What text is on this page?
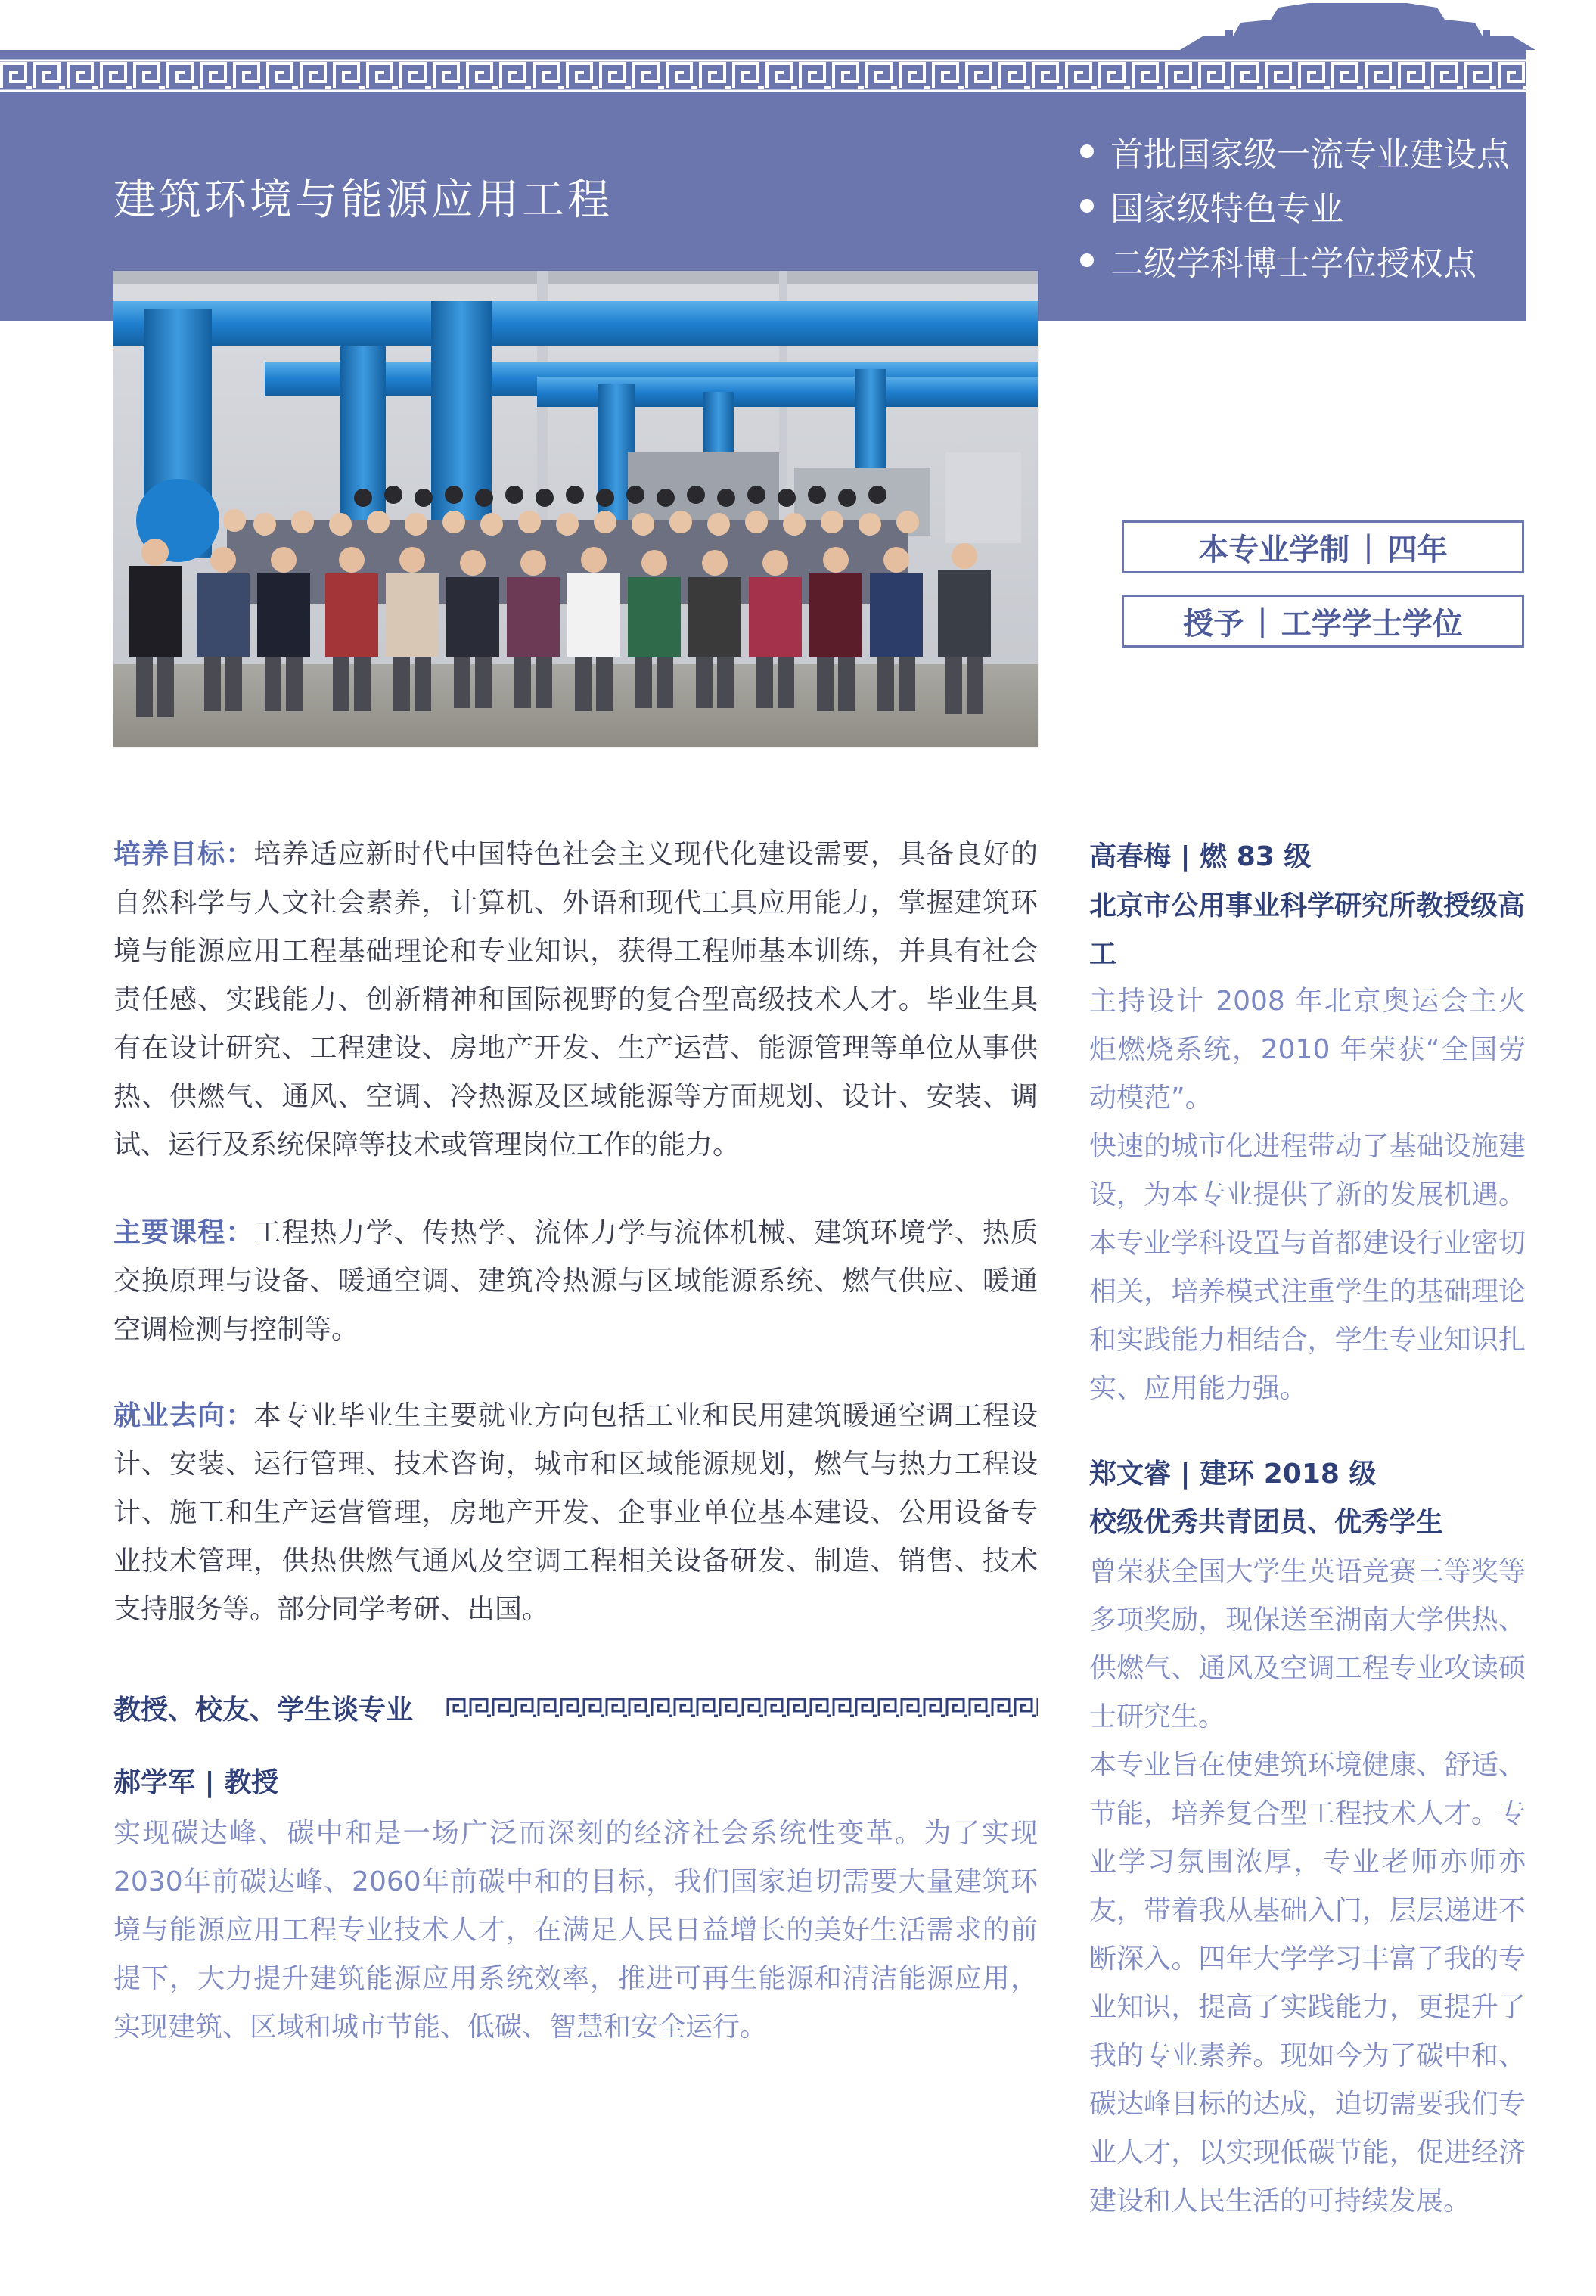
建筑环境与能源应用工程
首批国家级一流专业建设点
国家级特色专业
二级学科博士学位授权点
本专业学制 | 四年
授予 | 工学学士学位

培养目标：培养适应新时代中国特色社会主义现代化建设需要，具备良好的自然科学与人文社会素养，计算机、外语和现代工具应用能力，掌握建筑环境与能源应用工程基础理论和专业知识，获得工程师基本训练，并具有社会责任感、实践能力、创新精神和国际视野的复合型高级技术人才。毕业生具有在设计研究、工程建设、房地产开发、生产运营、能源管理等单位从事供热、供燃气、通风、空调、冷热源及区域能源等方面规划、设计、安装、调试、运行及系统保障等技术或管理岗位工作的能力。

主要课程：工程热力学、传热学、流体力学与流体机械、建筑环境学、热质交换原理与设备、暖通空调、建筑冷热源与区域能源系统、燃气供应、暖通空调检测与控制等。

就业去向：本专业毕业生主要就业方向包括工业和民用建筑暖通空调工程设计、安装、运行管理、技术咨询，城市和区域能源规划，燃气与热力工程设计、施工和生产运营管理，房地产开发、企事业单位基本建设、公用设备专业技术管理，供热供燃气通风及空调工程相关设备研发、制造、销售、技术支持服务等。部分同学考研、出国。

教授、校友、学生谈专业
郝学军 | 教授

实现碳达峰、碳中和是一场广泛而深刻的经济社会系统性变革。为了实现2030年前碳达峰、2060年前碳中和的目标，我们国家迫切需要大量建筑环境与能源应用工程专业技术人才，在满足人民日益增长的美好生活需求的前提下，大力提升建筑能源应用系统效率，推进可再生能源和清洁能源应用，实现建筑、区域和城市节能、低碳、智慧和安全运行。

高春梅 | 燃 83 级

北京市公用事业科学研究所教授级高工

主持设计 2008 年北京奥运会主火炬燃烧系统，2010 年荣获“全国劳动模范”。

快速的城市化进程带动了基础设施建设，为本专业提供了新的发展机遇。本专业学科设置与首都建设行业密切相关，培养模式注重学生的基础理论和实践能力相结合，学生专业知识扎实、应用能力强。

郑文睿 | 建环 2018 级
校级优秀共青团员、优秀学生

曾荣获全国大学生英语竞赛三等奖等多项奖励，现保送至湖南大学供热、供燃气、通风及空调工程专业攻读硕士研究生。

本专业旨在使建筑环境健康、舒适、节能，培养复合型工程技术人才。专业学习氛围浓厚，专业老师亦师亦友，带着我从基础入门，层层递进不断深入。四年大学学习丰富了我的专业知识，提高了实践能力，更提升了我的专业素养。现如今为了碳中和、碳达峰目标的达成，迫切需要我们专业人才，以实现低碳节能，促进经济建设和人民生活的可持续发展。
